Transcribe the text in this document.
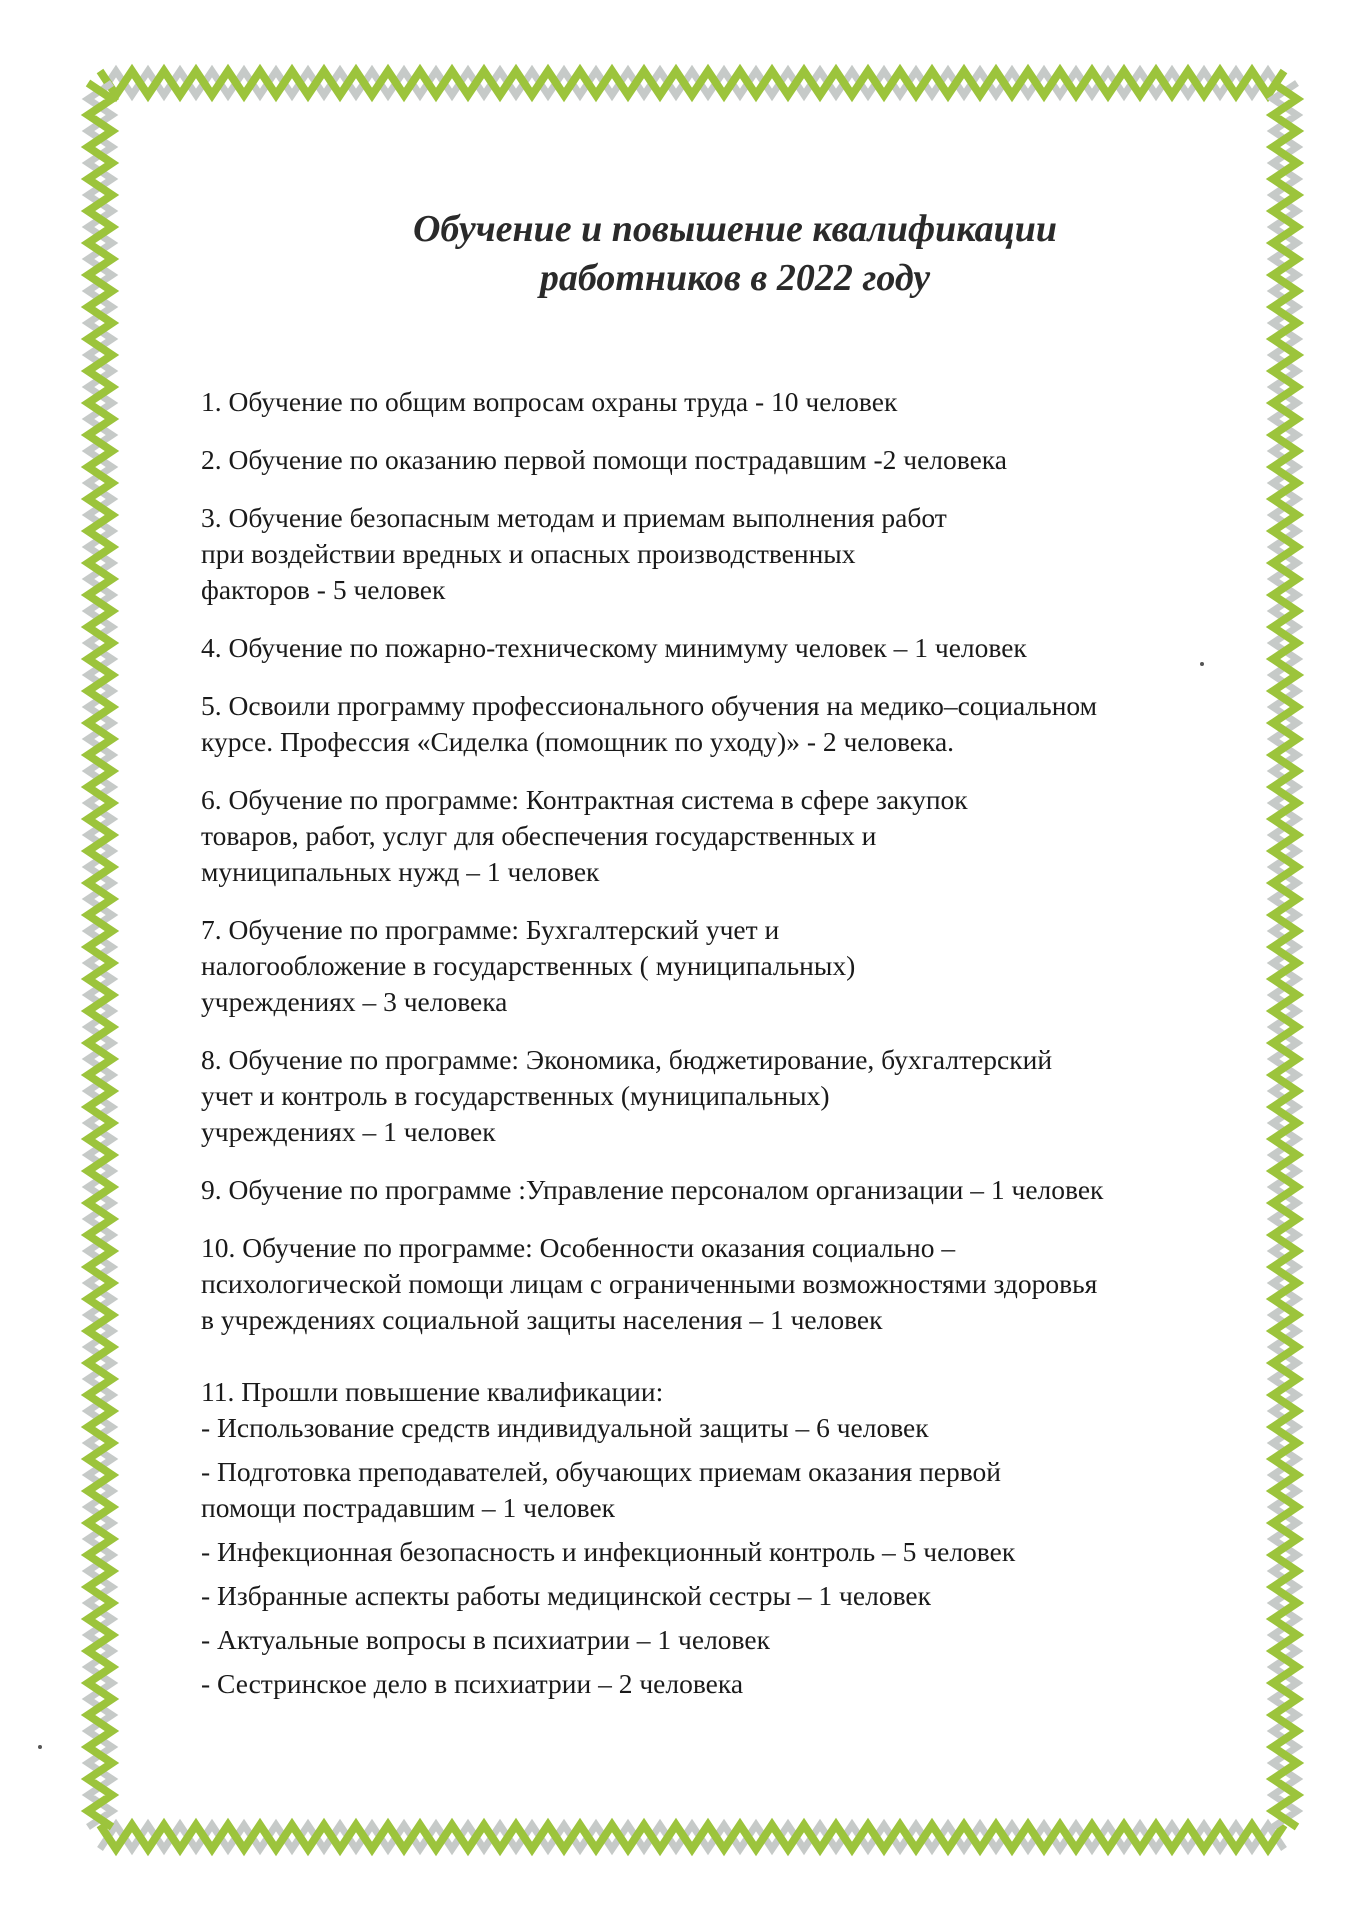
Обучение и повышение квалификации
работников в 2022 году

1. Обучение по общим вопросам охраны труда - 10 человек

2. Обучение по оказанию первой помощи пострадавшим -2 человека

3. Обучение безопасным методам и приемам выполнения работ
при воздействии вредных и опасных производственных
факторов - 5 человек

4. Обучение по пожарно-техническому минимуму человек – 1 человек

5. Освоили программу профессионального обучения на медико–социальном
курсе. Профессия «Сиделка (помощник по уходу)» - 2 человека.

6. Обучение по программе: Контрактная система в сфере закупок
товаров, работ, услуг для обеспечения государственных и
муниципальных нужд – 1 человек

7. Обучение по программе: Бухгалтерский учет и
налогообложение в государственных ( муниципальных)
учреждениях – 3 человека

8. Обучение по программе: Экономика, бюджетирование, бухгалтерский
учет и контроль в государственных (муниципальных)
учреждениях – 1 человек

9. Обучение по программе :Управление персоналом организации – 1 человек

10. Обучение по программе: Особенности оказания социально –
психологической помощи лицам с ограниченными возможностями здоровья
в учреждениях социальной защиты населения – 1 человек

11. Прошли повышение квалификации:
- Использование средств индивидуальной защиты – 6 человек

- Подготовка преподавателей, обучающих приемам оказания первой
помощи пострадавшим – 1 человек

- Инфекционная безопасность и инфекционный контроль – 5 человек

- Избранные аспекты работы медицинской сестры – 1 человек

- Актуальные вопросы в психиатрии – 1 человек

- Сестринское дело в психиатрии – 2 человека
